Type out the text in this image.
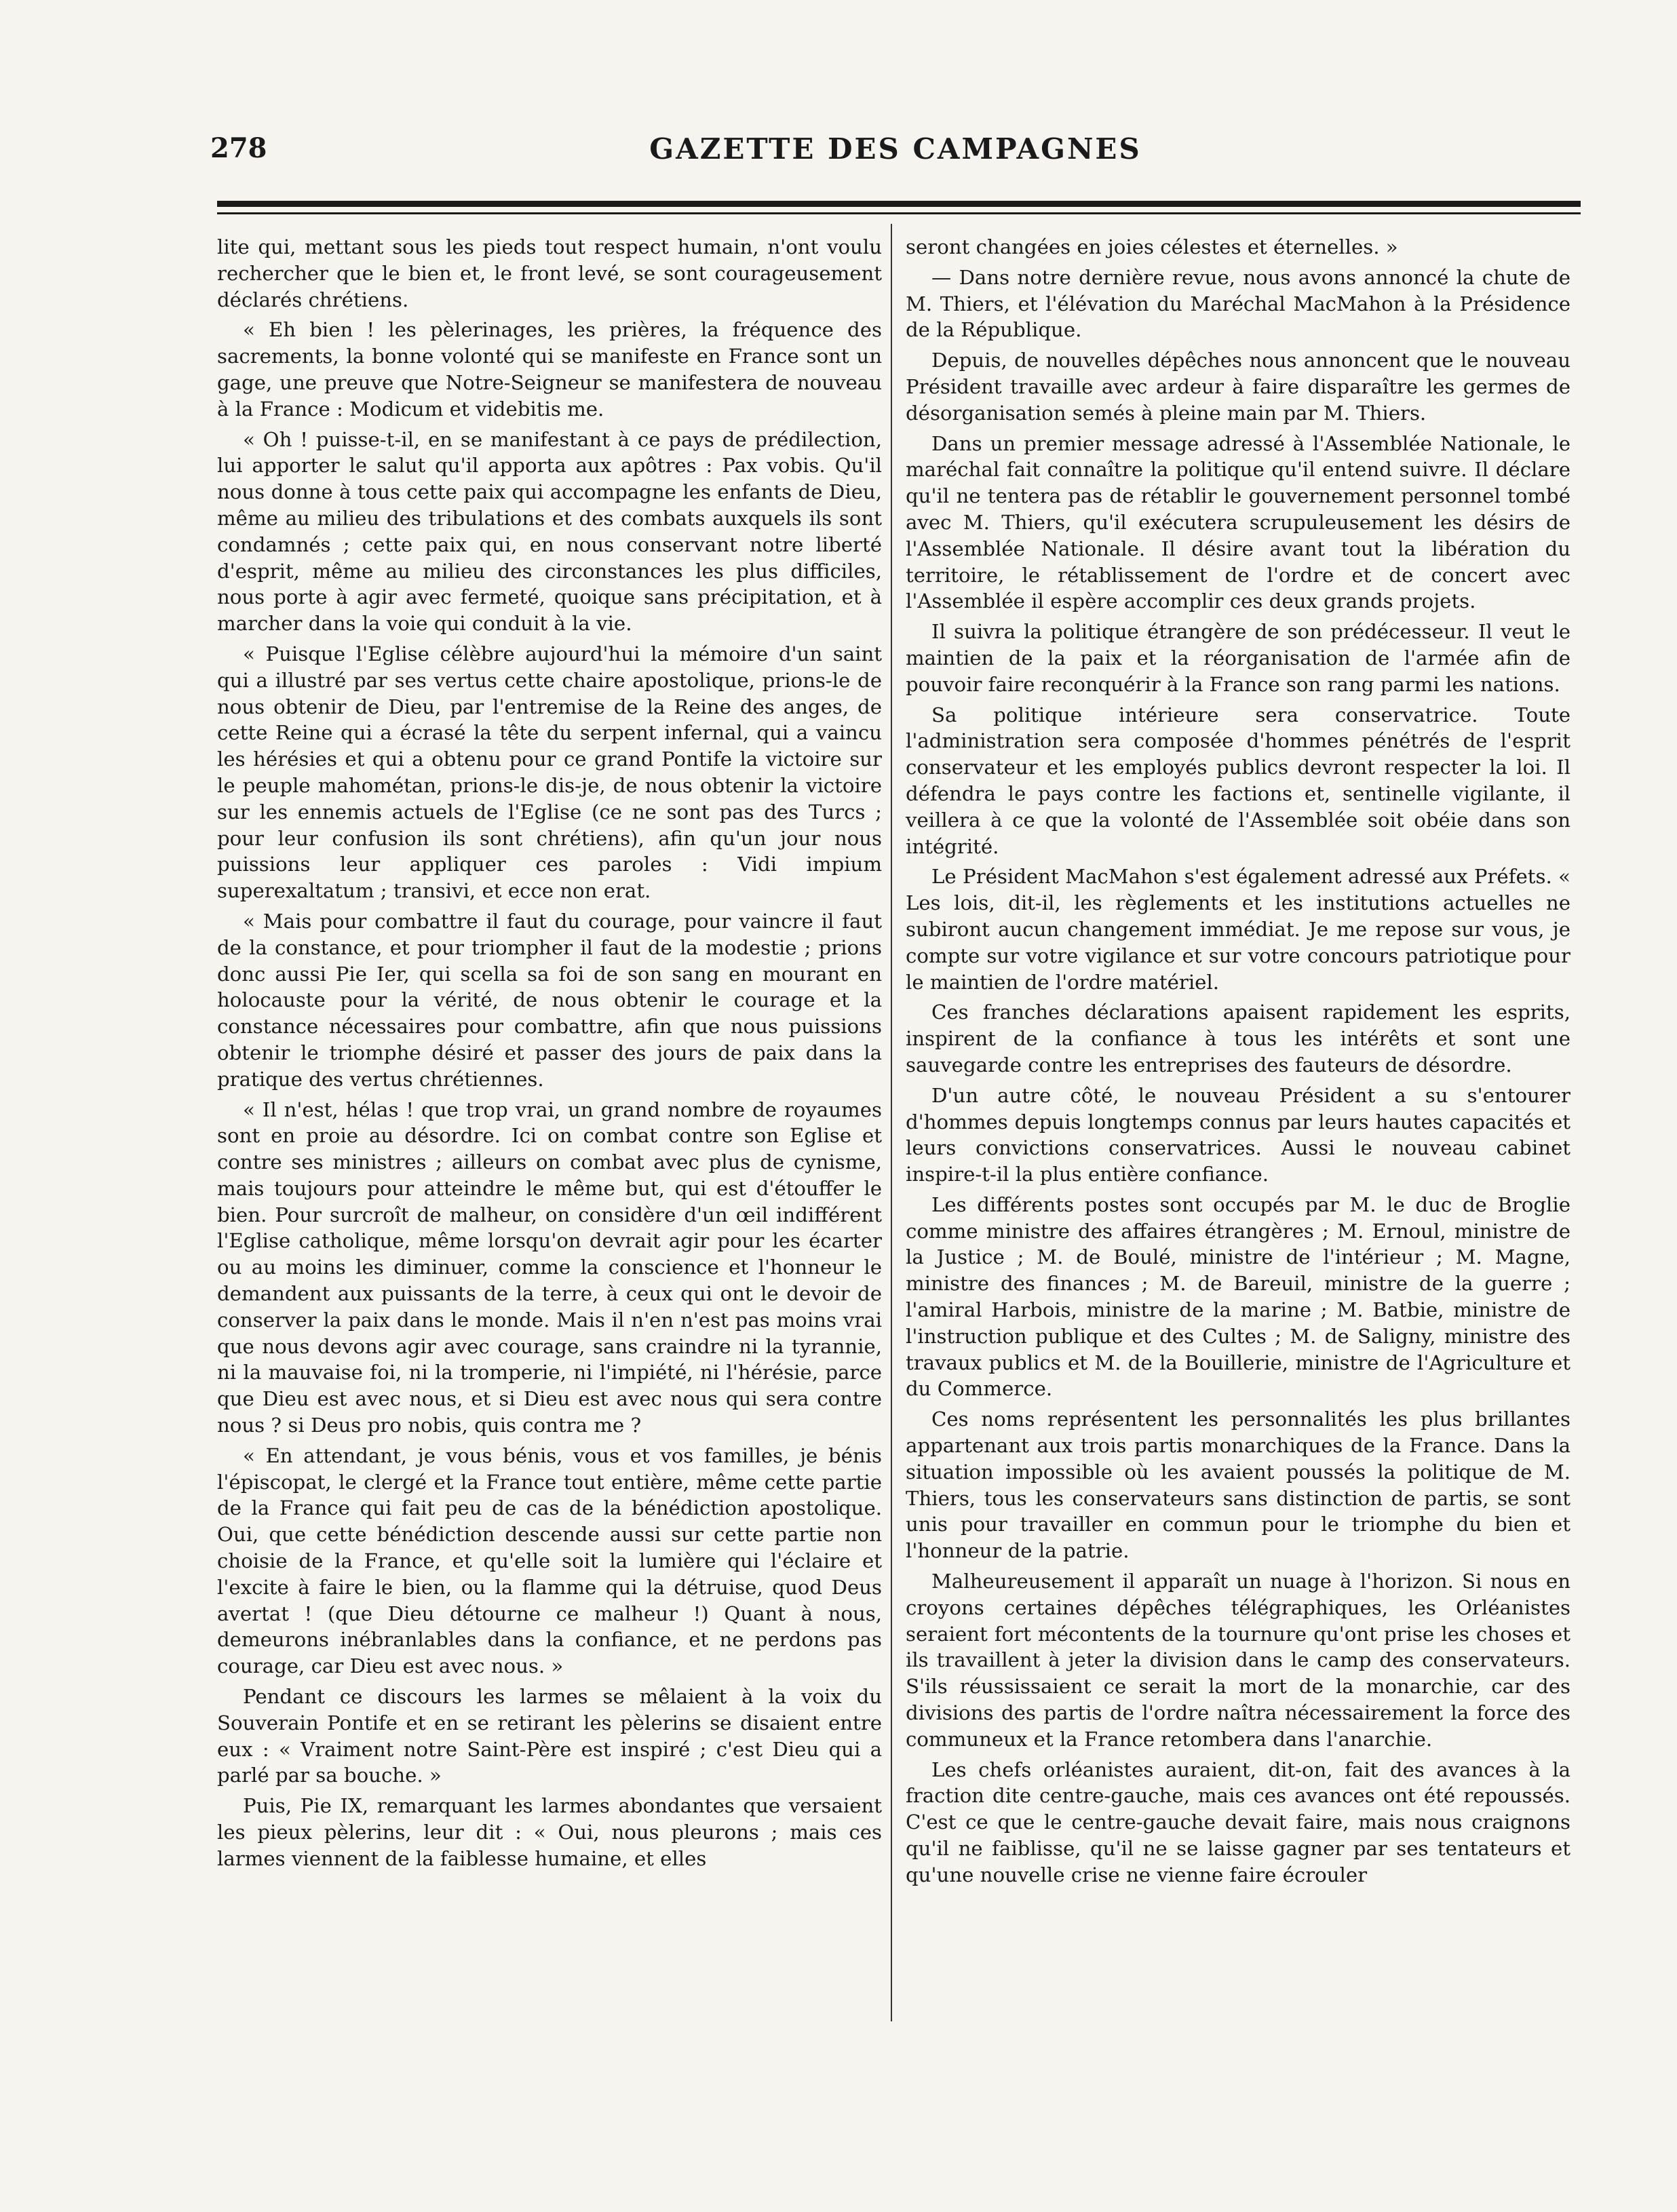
278	GAZETTE DES CAMPAGNES

lite qui, mettant sous les pieds tout respect humain, n'ont voulu rechercher que le bien et, le front levé, se sont courageusement déclarés chrétiens.

« Eh bien ! les pèlerinages, les prières, la fréquence des sacrements, la bonne volonté qui se manifeste en France sont un gage, une preuve que Notre-Seigneur se manifestera de nouveau à la France : Modicum et videbitis me.

« Oh ! puisse-t-il, en se manifestant à ce pays de prédilection, lui apporter le salut qu'il apporta aux apôtres : Pax vobis. Qu'il nous donne à tous cette paix qui accompagne les enfants de Dieu, même au milieu des tribulations et des combats auxquels ils sont condamnés ; cette paix qui, en nous conservant notre liberté d'esprit, même au milieu des circonstances les plus difficiles, nous porte à agir avec fermeté, quoique sans précipitation, et à marcher dans la voie qui conduit à la vie.

« Puisque l'Eglise célèbre aujourd'hui la mémoire d'un saint qui a illustré par ses vertus cette chaire apostolique, prions-le de nous obtenir de Dieu, par l'entremise de la Reine des anges, de cette Reine qui a écrasé la tête du serpent infernal, qui a vaincu les hérésies et qui a obtenu pour ce grand Pontife la victoire sur le peuple mahométan, prions-le dis-je, de nous obtenir la victoire sur les ennemis actuels de l'Eglise (ce ne sont pas des Turcs ; pour leur confusion ils sont chrétiens), afin qu'un jour nous puissions leur appliquer ces paroles : Vidi impium superexaltatum ; transivi, et ecce non erat.

« Mais pour combattre il faut du courage, pour vaincre il faut de la constance, et pour triompher il faut de la modestie ; prions donc aussi Pie Ier, qui scella sa foi de son sang en mourant en holocauste pour la vérité, de nous obtenir le courage et la constance nécessaires pour combattre, afin que nous puissions obtenir le triomphe désiré et passer des jours de paix dans la pratique des vertus chrétiennes.

« Il n'est, hélas ! que trop vrai, un grand nombre de royaumes sont en proie au désordre. Ici on combat contre son Eglise et contre ses ministres ; ailleurs on combat avec plus de cynisme, mais toujours pour atteindre le même but, qui est d'étouffer le bien. Pour surcroît de malheur, on considère d'un œil indifférent l'Eglise catholique, même lorsqu'on devrait agir pour les écarter ou au moins les diminuer, comme la conscience et l'honneur le demandent aux puissants de la terre, à ceux qui ont le devoir de conserver la paix dans le monde. Mais il n'en n'est pas moins vrai que nous devons agir avec courage, sans craindre ni la tyrannie, ni la mauvaise foi, ni la tromperie, ni l'impiété, ni l'hérésie, parce que Dieu est avec nous, et si Dieu est avec nous qui sera contre nous ? si Deus pro nobis, quis contra me ?

« En attendant, je vous bénis, vous et vos familles, je bénis l'épiscopat, le clergé et la France tout entière, même cette partie de la France qui fait peu de cas de la bénédiction apostolique. Oui, que cette bénédiction descende aussi sur cette partie non choisie de la France, et qu'elle soit la lumière qui l'éclaire et l'excite à faire le bien, ou la flamme qui la détruise, quod Deus avertat ! (que Dieu détourne ce malheur !) Quant à nous, demeurons inébranlables dans la confiance, et ne perdons pas courage, car Dieu est avec nous. »

Pendant ce discours les larmes se mêlaient à la voix du Souverain Pontife et en se retirant les pèlerins se disaient entre eux : « Vraiment notre Saint-Père est inspiré ; c'est Dieu qui a parlé par sa bouche. »

Puis, Pie IX, remarquant les larmes abondantes que versaient les pieux pèlerins, leur dit : « Oui, nous pleurons ; mais ces larmes viennent de la faiblesse humaine, et elles

seront changées en joies célestes et éternelles. »

— Dans notre dernière revue, nous avons annoncé la chute de M. Thiers, et l'élévation du Maréchal MacMahon à la Présidence de la République.

Depuis, de nouvelles dépêches nous annoncent que le nouveau Président travaille avec ardeur à faire disparaître les germes de désorganisation semés à pleine main par M. Thiers.

Dans un premier message adressé à l'Assemblée Nationale, le maréchal fait connaître la politique qu'il entend suivre. Il déclare qu'il ne tentera pas de rétablir le gouvernement personnel tombé avec M. Thiers, qu'il exécutera scrupuleusement les désirs de l'Assemblée Nationale. Il désire avant tout la libération du territoire, le rétablissement de l'ordre et de concert avec l'Assemblée il espère accomplir ces deux grands projets.

Il suivra la politique étrangère de son prédécesseur. Il veut le maintien de la paix et la réorganisation de l'armée afin de pouvoir faire reconquérir à la France son rang parmi les nations.

Sa politique intérieure sera conservatrice. Toute l'administration sera composée d'hommes pénétrés de l'esprit conservateur et les employés publics devront respecter la loi. Il défendra le pays contre les factions et, sentinelle vigilante, il veillera à ce que la volonté de l'Assemblée soit obéie dans son intégrité.

Le Président MacMahon s'est également adressé aux Préfets. « Les lois, dit-il, les règlements et les institutions actuelles ne subiront aucun changement immédiat. Je me repose sur vous, je compte sur votre vigilance et sur votre concours patriotique pour le maintien de l'ordre matériel.

Ces franches déclarations apaisent rapidement les esprits, inspirent de la confiance à tous les intérêts et sont une sauvegarde contre les entreprises des fauteurs de désordre.

D'un autre côté, le nouveau Président a su s'entourer d'hommes depuis longtemps connus par leurs hautes capacités et leurs convictions conservatrices. Aussi le nouveau cabinet inspire-t-il la plus entière confiance.

Les différents postes sont occupés par M. le duc de Broglie comme ministre des affaires étrangères ; M. Ernoul, ministre de la Justice ; M. de Boulé, ministre de l'intérieur ; M. Magne, ministre des finances ; M. de Bareuil, ministre de la guerre ; l'amiral Harbois, ministre de la marine ; M. Batbie, ministre de l'instruction publique et des Cultes ; M. de Saligny, ministre des travaux publics et M. de la Bouillerie, ministre de l'Agriculture et du Commerce.

Ces noms représentent les personnalités les plus brillantes appartenant aux trois partis monarchiques de la France. Dans la situation impossible où les avaient poussés la politique de M. Thiers, tous les conservateurs sans distinction de partis, se sont unis pour travailler en commun pour le triomphe du bien et l'honneur de la patrie.

Malheureusement il apparaît un nuage à l'horizon. Si nous en croyons certaines dépêches télégraphiques, les Orléanistes seraient fort mécontents de la tournure qu'ont prise les choses et ils travaillent à jeter la division dans le camp des conservateurs. S'ils réussissaient ce serait la mort de la monarchie, car des divisions des partis de l'ordre naîtra nécessairement la force des communeux et la France retombera dans l'anarchie.

Les chefs orléanistes auraient, dit-on, fait des avances à la fraction dite centre-gauche, mais ces avances ont été repoussés. C'est ce que le centre-gauche devait faire, mais nous craignons qu'il ne faiblisse, qu'il ne se laisse gagner par ses tentateurs et qu'une nouvelle crise ne vienne faire écrouler
